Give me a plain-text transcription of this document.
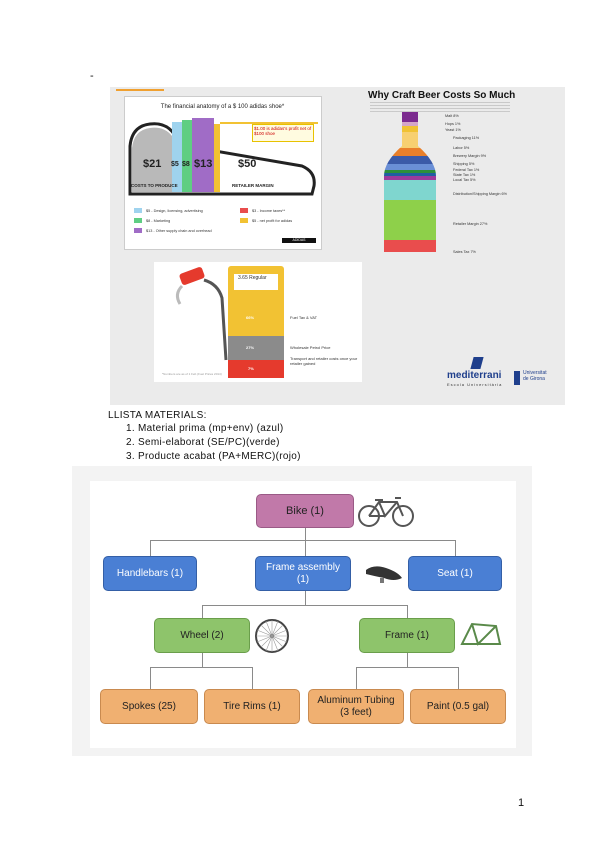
-
The financial anatomy of a $ 100 adidas shoe*
$21 $5 $8 $13 $50
COSTS TO PRODUCE	RETAILER MARGIN
$1.00 is adidas's profit net of $100 shoe
$5 - Design, licensing, advertising	$3 - Income taxes**
$8 - Marketing	$5 - net profit for adidas
$13 - Other supply chain and overhead
ADIDAS
Why Craft Beer Costs So Much
Malt 8%
Hops 1%
Yeast 1%
Packaging 11%
Labor 5%
Brewery Margin 9%
Shipping 5%
Federal Tax 1%
State Tax 1%
Local Tax 5%
Distribution/Shipping Margin 6%
Retailer Margin 27%
Sales Tax 7%
3.65 Regular
66%
27%
7%
Fuel Tax & VAT
Wholesale Petrol Price
Transport and retailer costs once your retailer gained
*Numbers are as of 1 Feb (Fuel Prices 2014)	mediterrani
Escola Universitària
Universitat
de Girona
LLISTA MATERIALS:
1. Material prima (mp+env) (azul)
2. Semi-elaborat (SE/PC)(verde)
3. Producte acabat (PA+MERC)(rojo)
Bike (1)
Handlebars (1)
Frame assembly (1)
Seat (1)
Wheel (2)	Frame (1)
Spokes (25)	Tire Rims (1)
Aluminum Tubing (3 feet)
Paint (0.5 gal)
1
